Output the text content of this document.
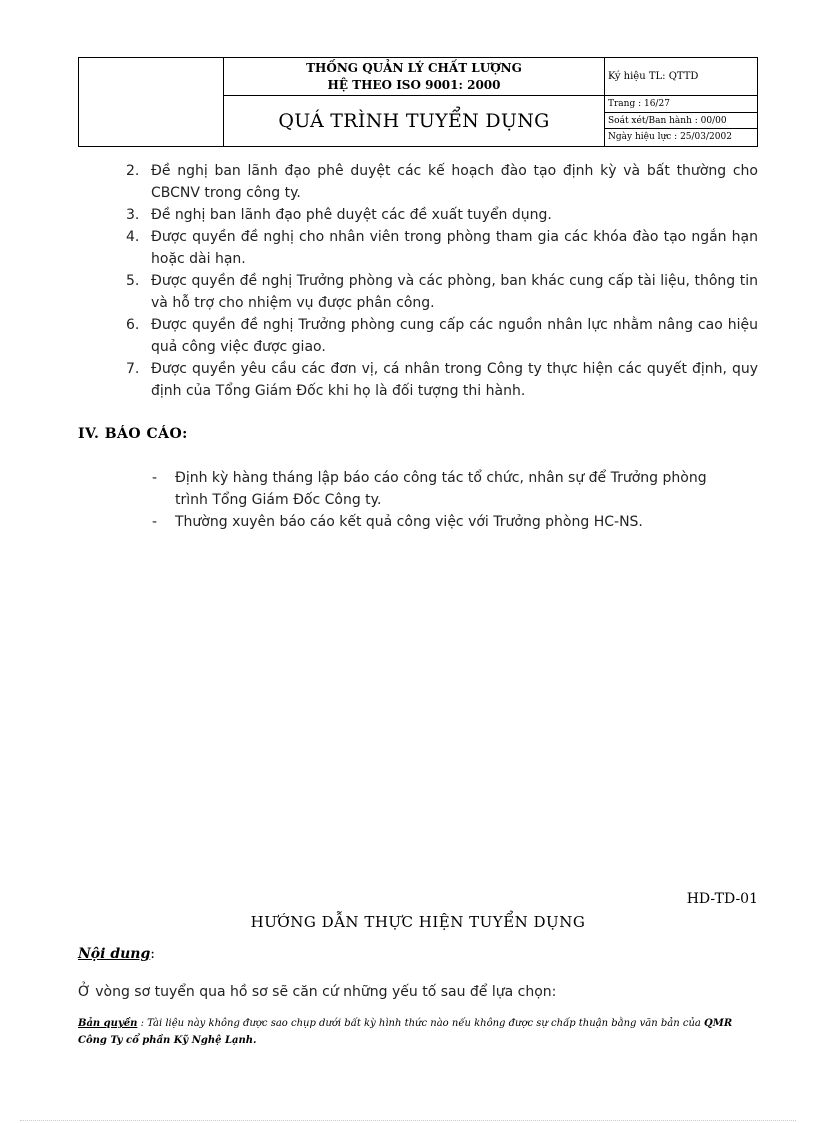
THỐNG QUẢN LÝ CHẤT LƯỢNG
HỆ THEO ISO 9001: 2000
QUÁ TRÌNH TUYỂN DỤNG
Ký hiệu TL: QTTD
Trang : 16/27
Soát xét/Ban hành : 00/00
Ngày hiệu lực : 25/03/2002
2. Đề nghị ban lãnh đạo phê duyệt các kế hoạch đào tạo định kỳ và bất thường cho CBCNV trong công ty.
3. Đề nghị ban lãnh đạo phê duyệt các đề xuất tuyển dụng.
4. Được quyền đề nghị cho nhân viên trong phòng tham gia các khóa đào tạo ngắn hạn hoặc dài hạn.
5. Được quyền đề nghị Trưởng phòng và các phòng, ban khác cung cấp tài liệu, thông tin và hỗ trợ cho nhiệm vụ được phân công.
6. Được quyền đề nghị Trưởng phòng cung cấp các nguồn nhân lực nhằm nâng cao hiệu quả công việc được giao.
7. Được quyền yêu cầu các đơn vị, cá nhân trong Công ty thực hiện các quyết định, quy định của Tổng Giám Đốc khi họ là đối tượng thi hành.
IV. BÁO CÁO:
- Định kỳ hàng tháng lập báo cáo công tác tổ chức, nhân sự để Trưởng phòng trình Tổng Giám Đốc Công ty.
- Thường xuyên báo cáo kết quả công việc với Trưởng phòng HC-NS.
HD-TD-01
HƯỚNG DẪN THỰC HIỆN TUYỂN DỤNG
Nội dung:
Ở vòng sơ tuyển qua hồ sơ sẽ căn cứ những yếu tố sau để lựa chọn:
Bản quyền : Tài liệu này không được sao chụp dưới bất kỳ hình thức nào nếu không được sự chấp thuận bằng văn bản của QMR Công Ty cổ phần Kỹ Nghệ Lạnh.
